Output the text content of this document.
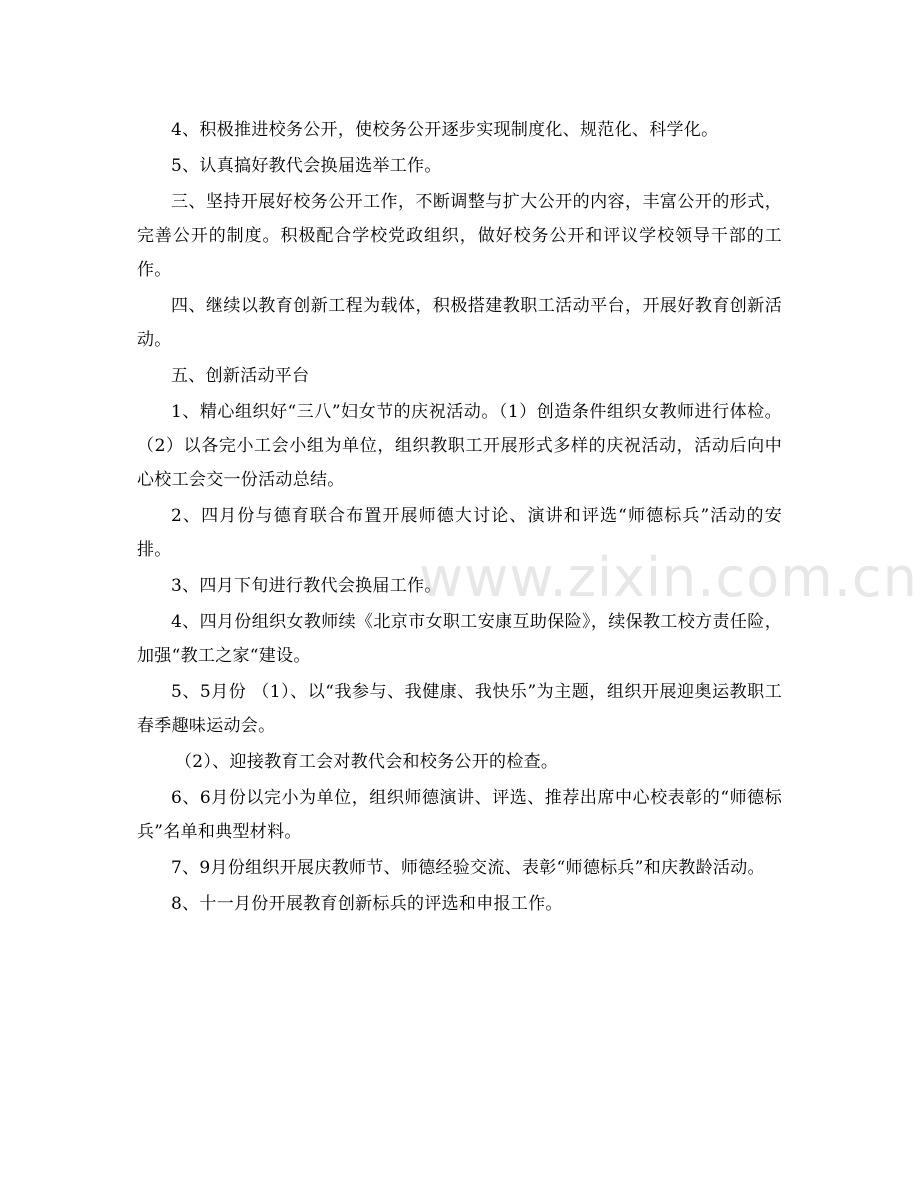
4、积极推进校务公开，使校务公开逐步实现制度化、规范化、科学化。

5、认真搞好教代会换届选举工作。

三、坚持开展好校务公开工作，不断调整与扩大公开的内容，丰富公开的形式，完善公开的制度。积极配合学校党政组织，做好校务公开和评议学校领导干部的工作。

四、继续以教育创新工程为载体，积极搭建教职工活动平台，开展好教育创新活动。

五、创新活动平台

1、精心组织好“三八”妇女节的庆祝活动。（1）创造条件组织女教师进行体检。（2）以各完小工会小组为单位，组织教职工开展形式多样的庆祝活动，活动后向中心校工会交一份活动总结。

2、四月份与德育联合布置开展师德大讨论、演讲和评选“师德标兵”活动的安排。

3、四月下旬进行教代会换届工作。

4、四月份组织女教师续《北京市女职工安康互助保险》，续保教工校方责任险，加强“教工之家“建设。

5、5月份 （1）、以“我参与、我健康、我快乐”为主题，组织开展迎奥运教职工春季趣味运动会。

（2）、迎接教育工会对教代会和校务公开的检查。

6、6月份以完小为单位，组织师德演讲、评选、推荐出席中心校表彰的“师德标兵”名单和典型材料。

7、9月份组织开展庆教师节、师德经验交流、表彰“师德标兵”和庆教龄活动。

8、十一月份开展教育创新标兵的评选和申报工作。

www.zixin.com.cn
